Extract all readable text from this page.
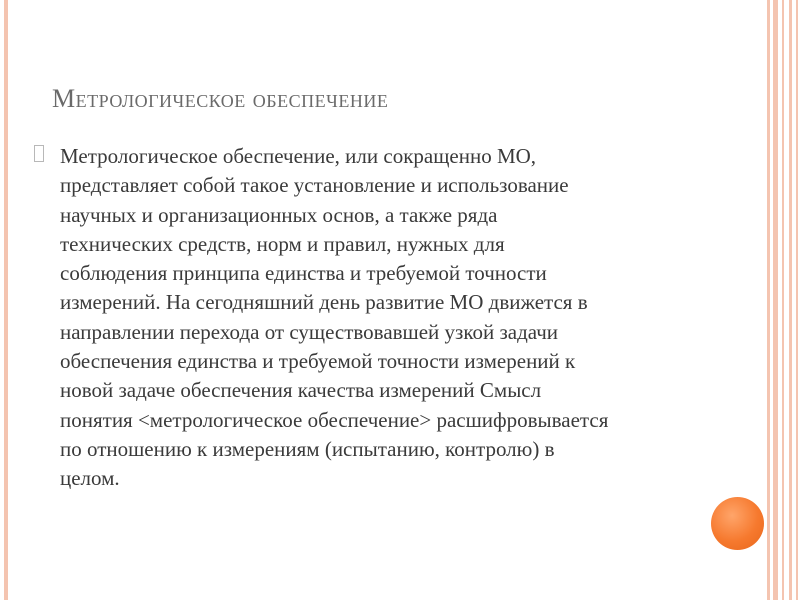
Метрологическое обеспечение

Метрологическое обеспечение, или сокращенно МО,
представляет собой такое установление и использование
научных и организационных основ, а также ряда
технических средств, норм и правил, нужных для
соблюдения принципа единства и требуемой точности
измерений. На сегодняшний день развитие МО движется в
направлении перехода от существовавшей узкой задачи
обеспечения единства и требуемой точности измерений к
новой задаче обеспечения качества измерений Смысл
понятия <метрологическое обеспечение> расшифровывается
по отношению к измерениям (испытанию, контролю) в
целом.
